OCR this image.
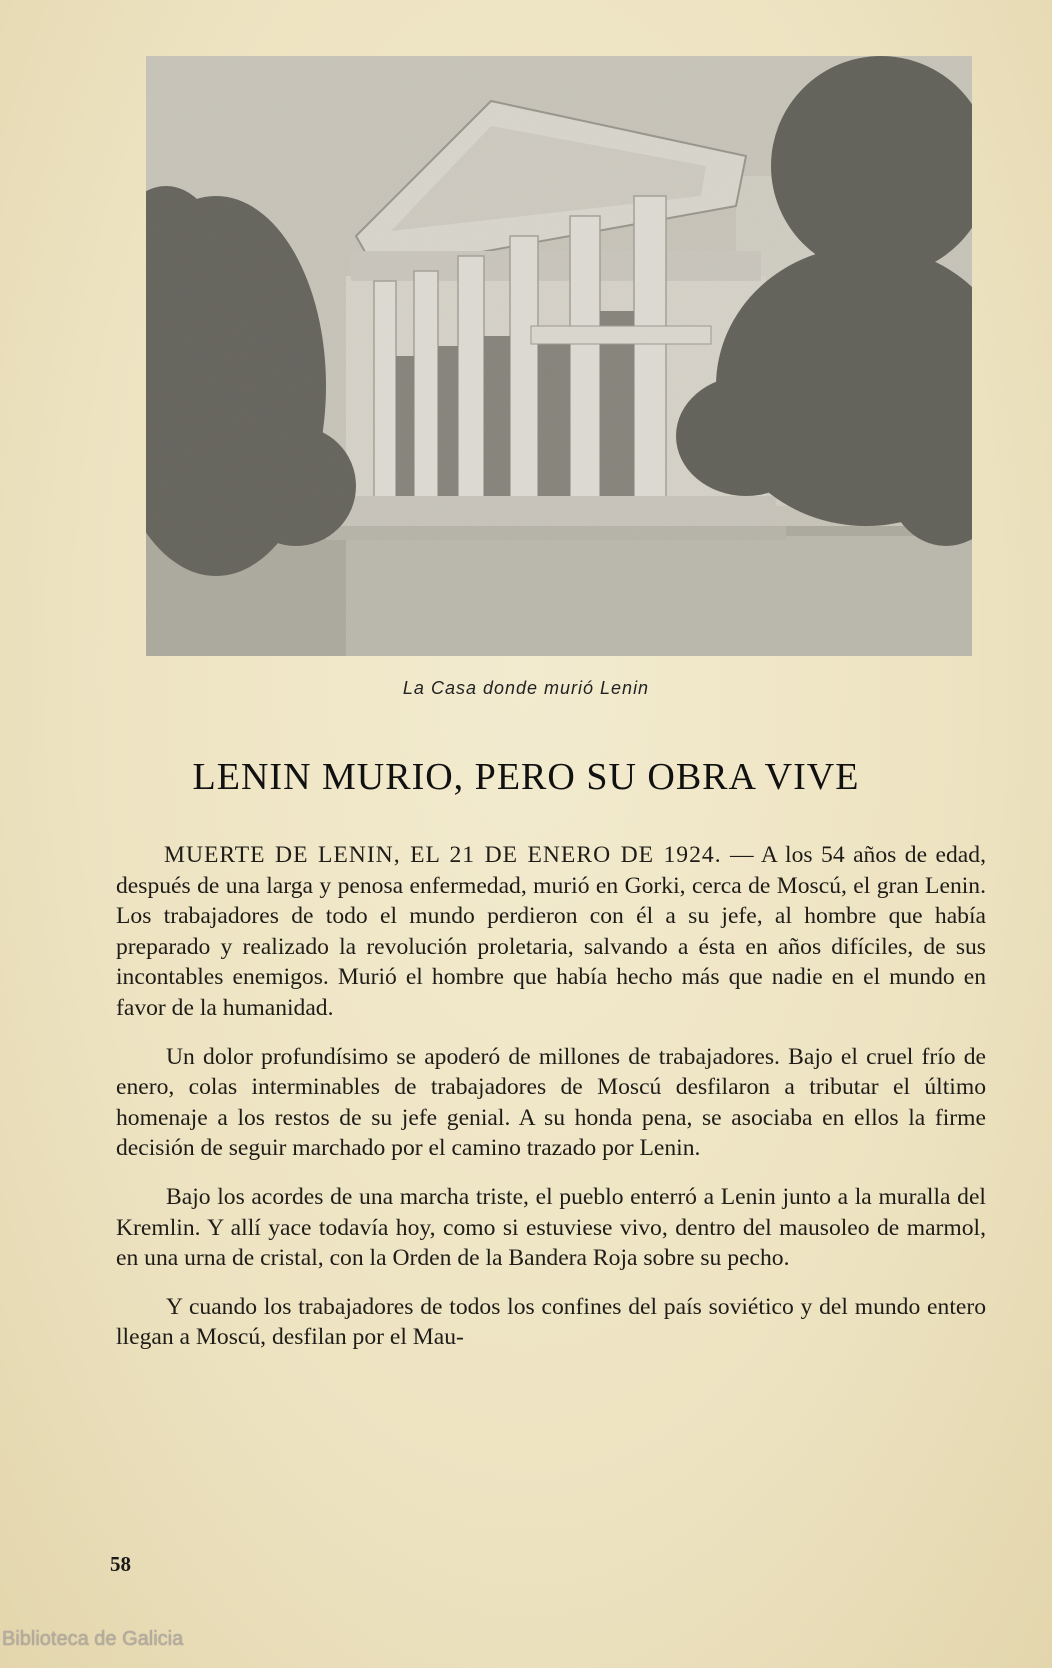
La Casa donde murió Lenin
LENIN MURIO, PERO SU OBRA VIVE

MUERTE DE LENIN, EL 21 DE ENERO DE 1924. — A los 54 años de edad, después de una larga y penosa enfermedad, murió en Gorki, cerca de Moscú, el gran Lenin. Los trabajadores de todo el mundo perdieron con él a su jefe, al hombre que había preparado y realizado la revolución proletaria, salvando a ésta en años difíciles, de sus incontables enemigos. Murió el hombre que había hecho más que nadie en el mundo en favor de la humanidad.

Un dolor profundísimo se apoderó de millones de trabajadores. Bajo el cruel frío de enero, colas interminables de trabajadores de Moscú desfilaron a tributar el último homenaje a los restos de su jefe genial. A su honda pena, se asociaba en ellos la firme decisión de seguir marchado por el camino trazado por Lenin.

Bajo los acordes de una marcha triste, el pueblo enterró a Lenin junto a la muralla del Kremlin. Y allí yace todavía hoy, como si estuviese vivo, dentro del mausoleo de marmol, en una urna de cristal, con la Orden de la Bandera Roja sobre su pecho.

Y cuando los trabajadores de todos los confines del país soviético y del mundo entero llegan a Moscú, desfilan por el Mau-

58
Biblioteca de Galicia
